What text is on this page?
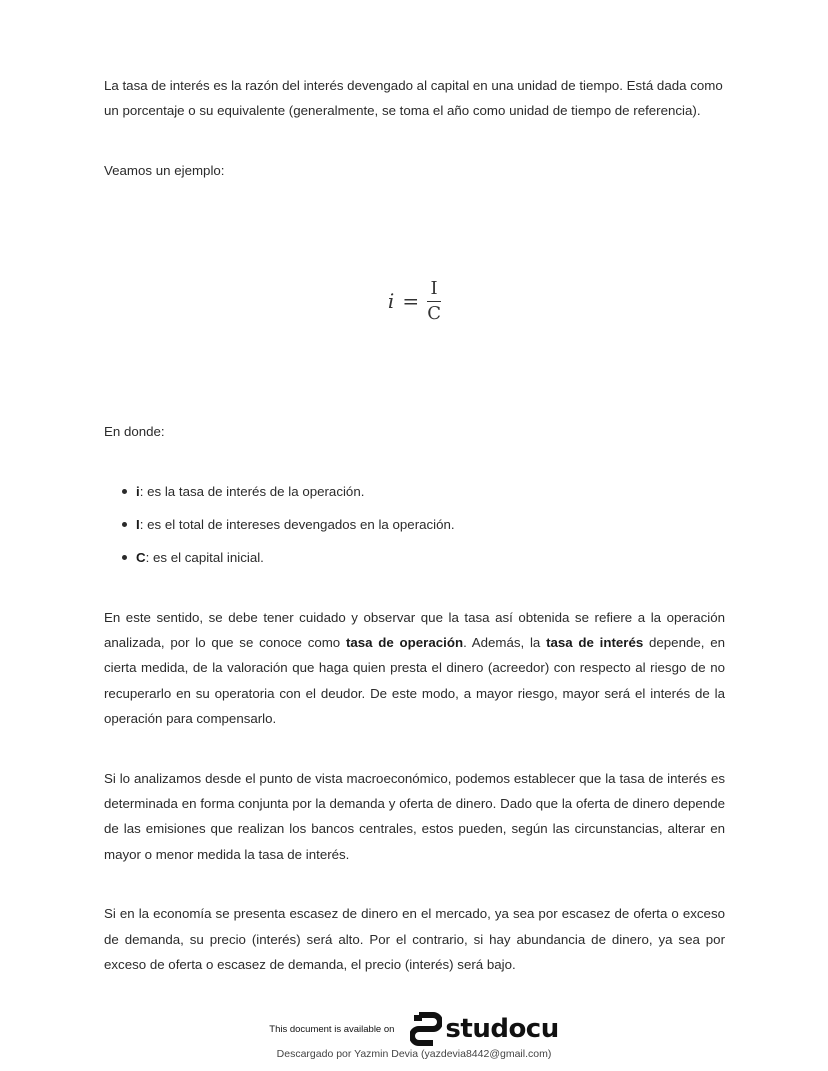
La tasa de interés es la razón del interés devengado al capital en una unidad de tiempo. Está dada como un porcentaje o su equivalente (generalmente, se toma el año como unidad de tiempo de referencia).

Veamos un ejemplo:

$i = \frac{I}{C}$

En donde:

i: es la tasa de interés de la operación.
I: es el total de intereses devengados en la operación.
C: es el capital inicial.

En este sentido, se debe tener cuidado y observar que la tasa así obtenida se refiere a la operación analizada, por lo que se conoce como tasa de operación. Además, la tasa de interés depende, en cierta medida, de la valoración que haga quien presta el dinero (acreedor) con respecto al riesgo de no recuperarlo en su operatoria con el deudor. De este modo, a mayor riesgo, mayor será el interés de la operación para compensarlo.

Si lo analizamos desde el punto de vista macroeconómico, podemos establecer que la tasa de interés es determinada en forma conjunta por la demanda y oferta de dinero. Dado que la oferta de dinero depende de las emisiones que realizan los bancos centrales, estos pueden, según las circunstancias, alterar en mayor o menor medida la tasa de interés.

Si en la economía se presenta escasez de dinero en el mercado, ya sea por escasez de oferta o exceso de demanda, su precio (interés) será alto. Por el contrario, si hay abundancia de dinero, ya sea por exceso de oferta o escasez de demanda, el precio (interés) será bajo.

This document is available on studocu
Descargado por Yazmin Devia (yazdevia8442@gmail.com)
